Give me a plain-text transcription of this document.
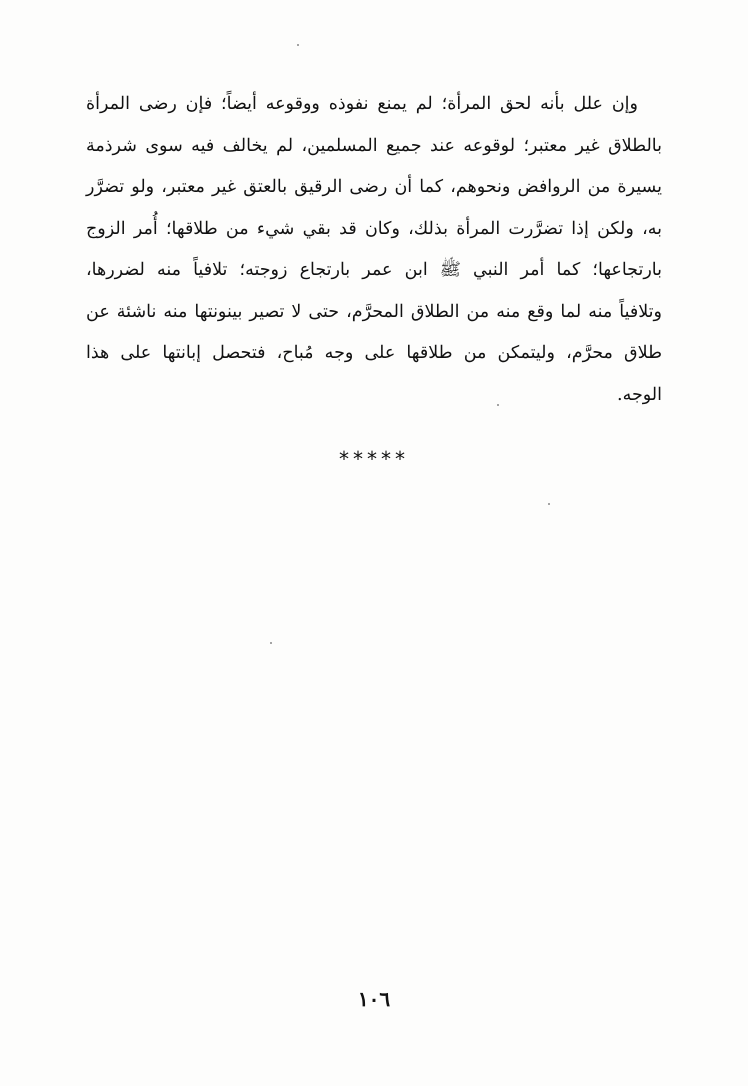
وإن علل بأنه لحق المرأة؛ لم يمنع نفوذه ووقوعه أيضاً؛ فإن رضى المرأة
بالطلاق غير معتبر؛ لوقوعه عند جميع المسلمين، لم يخالف فيه سوى شرذمة
يسيرة من الروافض ونحوهم، كما أن رضى الرقيق بالعتق غير معتبر، ولو تضرَّر
به، ولكن إذا تضرَّرت المرأة بذلك، وكان قد بقي شيء من طلاقها؛ أُمر الزوج
بارتجاعها؛ كما أمر النبي ﷺ ابن عمر بارتجاع زوجته؛ تلافياً منه لضررها،
وتلافياً منه لما وقع منه من الطلاق المحرَّم، حتى لا تصير بينونتها منه ناشئة عن
طلاق محرَّم، وليتمكن من طلاقها على وجه مُباح، فتحصل إبانتها على هذا
الوجه.
*****
١٠٦
